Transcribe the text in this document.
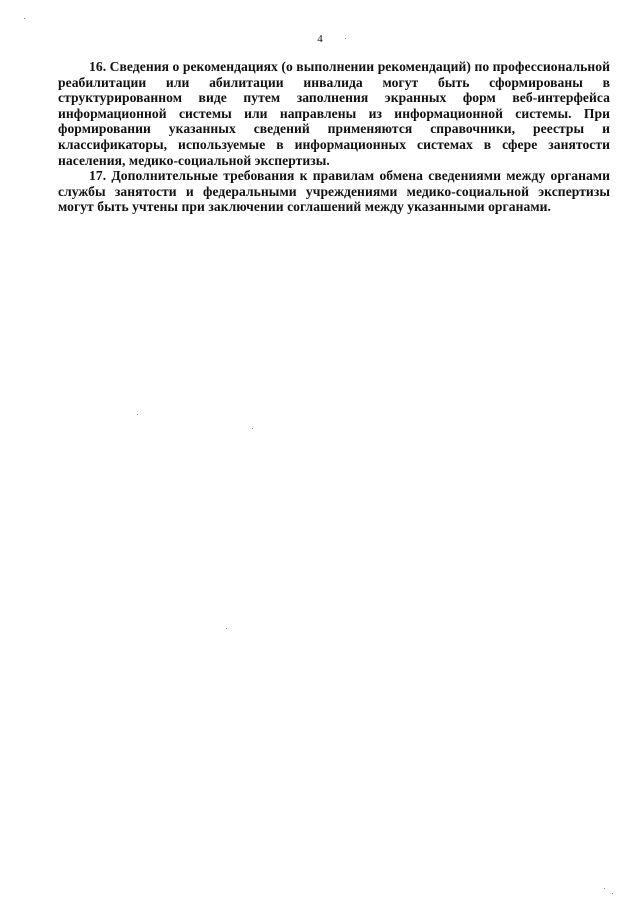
4

16. Сведения о рекомендациях (о выполнении рекомендаций) по профессиональной реабилитации или абилитации инвалида могут быть сформированы в структурированном виде путем заполнения экранных форм веб-интерфейса информационной системы или направлены из информационной системы. При формировании указанных сведений применяются справочники, реестры и классификаторы, используемые в информационных системах в сфере занятости населения, медико-социальной экспертизы.

17. Дополнительные требования к правилам обмена сведениями между органами службы занятости и федеральными учреждениями медико-социальной экспертизы могут быть учтены при заключении соглашений между указанными органами.
